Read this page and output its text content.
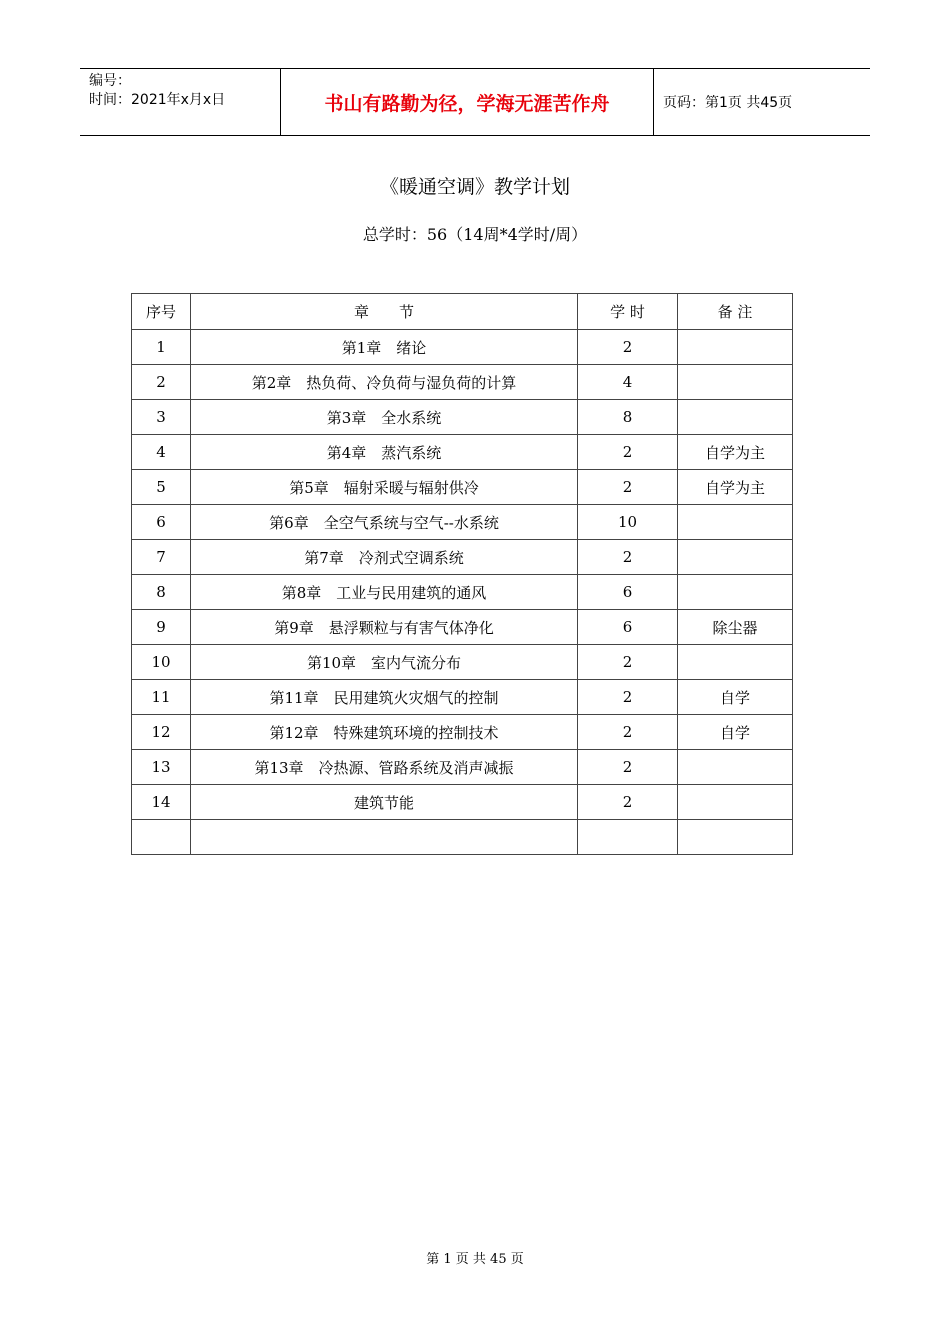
编号：
时间：2021年x月x日	书山有路勤为径，学海无涯苦作舟	页码：第1页 共45页
《暖通空调》教学计划
总学时：56（14周*4学时/周）
序号	章　　节	学 时	备 注
1	第1章　绪论	2	
2	第2章　热负荷、冷负荷与湿负荷的计算	4	
3	第3章　全水系统	8	
4	第4章　蒸汽系统	2	自学为主
5	第5章　辐射采暖与辐射供冷	2	自学为主
6	第6章　全空气系统与空气--水系统	10	
7	第7章　冷剂式空调系统	2	
8	第8章　工业与民用建筑的通风	6	
9	第9章　悬浮颗粒与有害气体净化	6	除尘器
10	第10章　室内气流分布	2	
11	第11章　民用建筑火灾烟气的控制	2	自学
12	第12章　特殊建筑环境的控制技术	2	自学
13	第13章　冷热源、管路系统及消声减振	2	
14	建筑节能	2	

第 1 页 共 45 页
